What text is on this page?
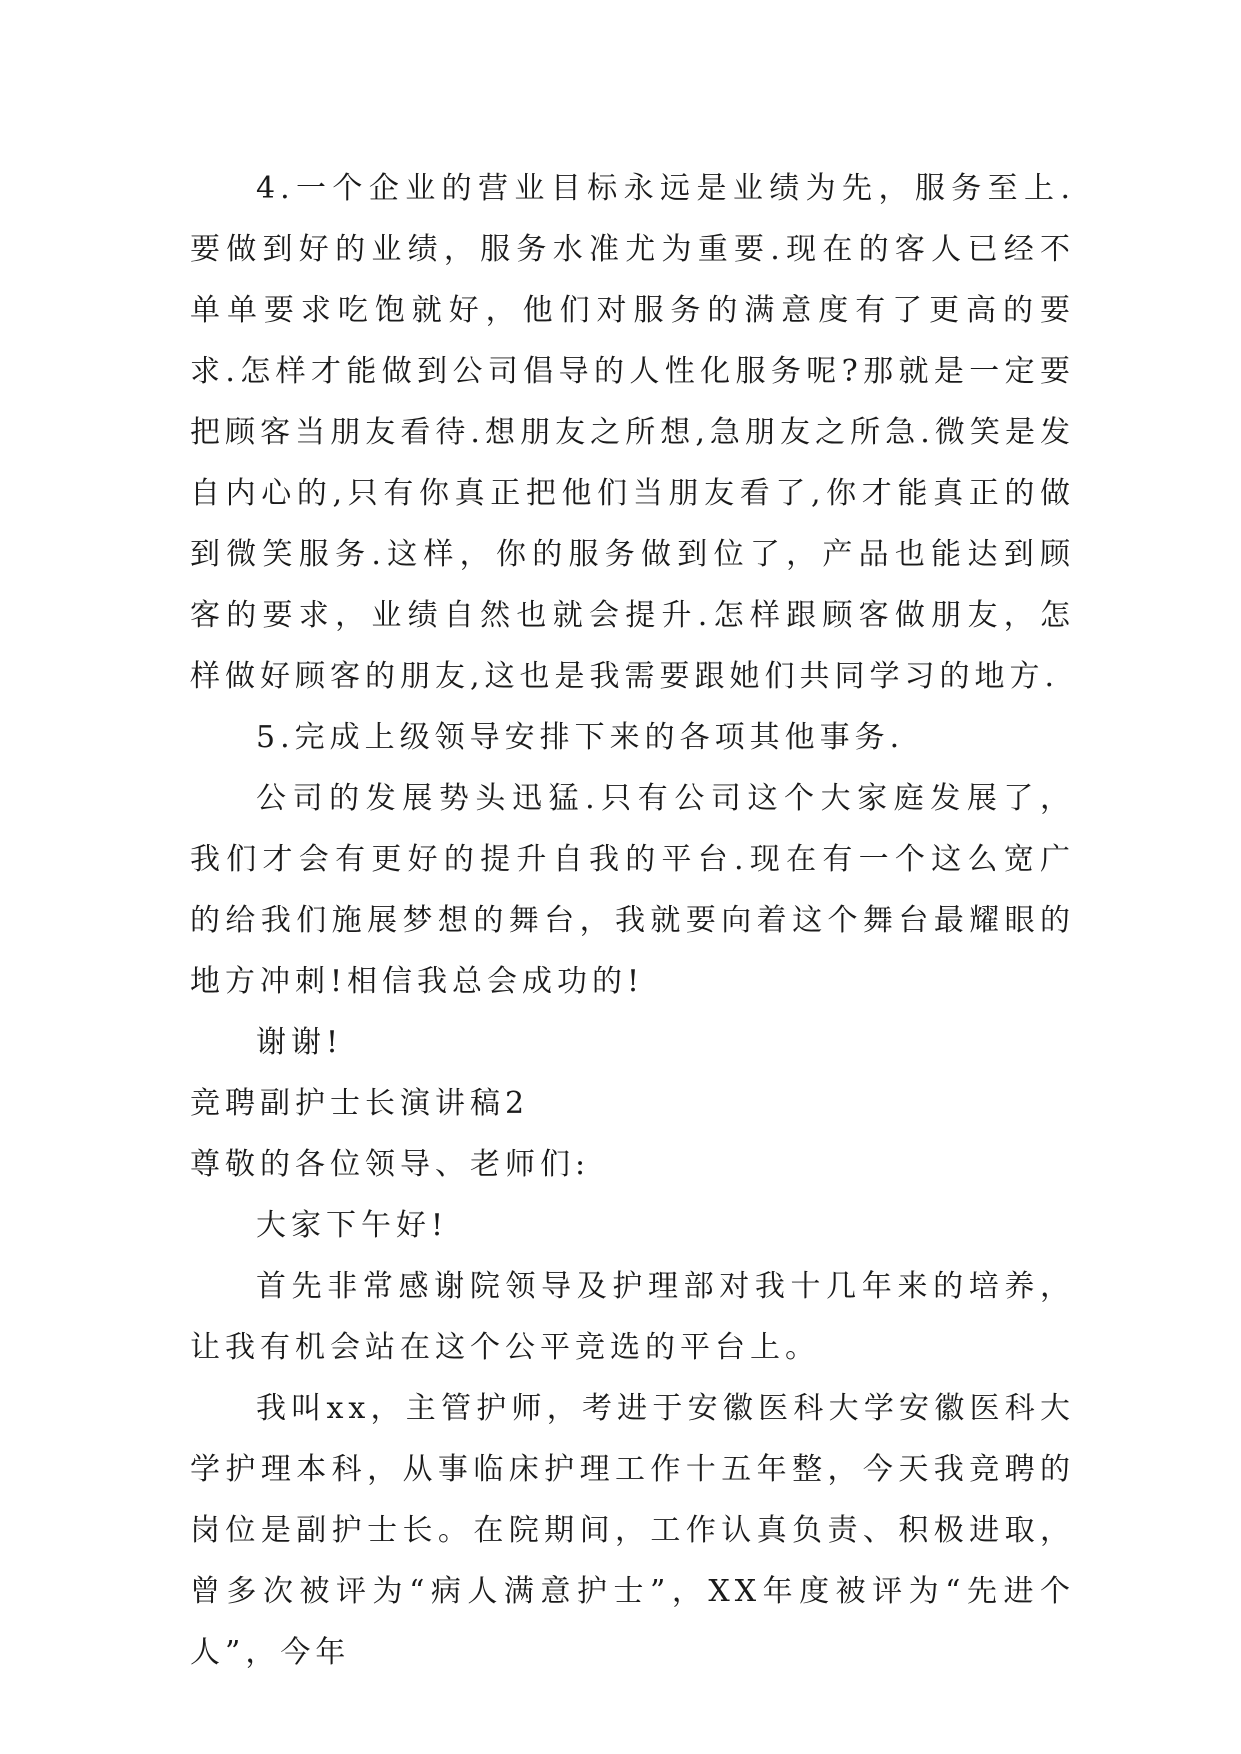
4.一个企业的营业目标永远是业绩为先，服务至上.要做到好的业绩，服务水准尤为重要.现在的客人已经不单单要求吃饱就好，他们对服务的满意度有了更高的要求.怎样才能做到公司倡导的人性化服务呢?那就是一定要把顾客当朋友看待.想朋友之所想,急朋友之所急.微笑是发自内心的,只有你真正把他们当朋友看了,你才能真正的做到微笑服务.这样，你的服务做到位了，产品也能达到顾客的要求，业绩自然也就会提升.怎样跟顾客做朋友，怎样做好顾客的朋友,这也是我需要跟她们共同学习的地方.

5.完成上级领导安排下来的各项其他事务.

公司的发展势头迅猛.只有公司这个大家庭发展了，我们才会有更好的提升自我的平台.现在有一个这么宽广的给我们施展梦想的舞台，我就要向着这个舞台最耀眼的地方冲刺!相信我总会成功的!

谢谢!

竞聘副护士长演讲稿2

尊敬的各位领导、老师们:

大家下午好!

首先非常感谢院领导及护理部对我十几年来的培养，让我有机会站在这个公平竞选的平台上。

我叫xx，主管护师，考进于安徽医科大学安徽医科大学护理本科，从事临床护理工作十五年整，今天我竞聘的岗位是副护士长。在院期间，工作认真负责、积极进取，曾多次被评为“病人满意护士”，XX年度被评为“先进个人”，今年
